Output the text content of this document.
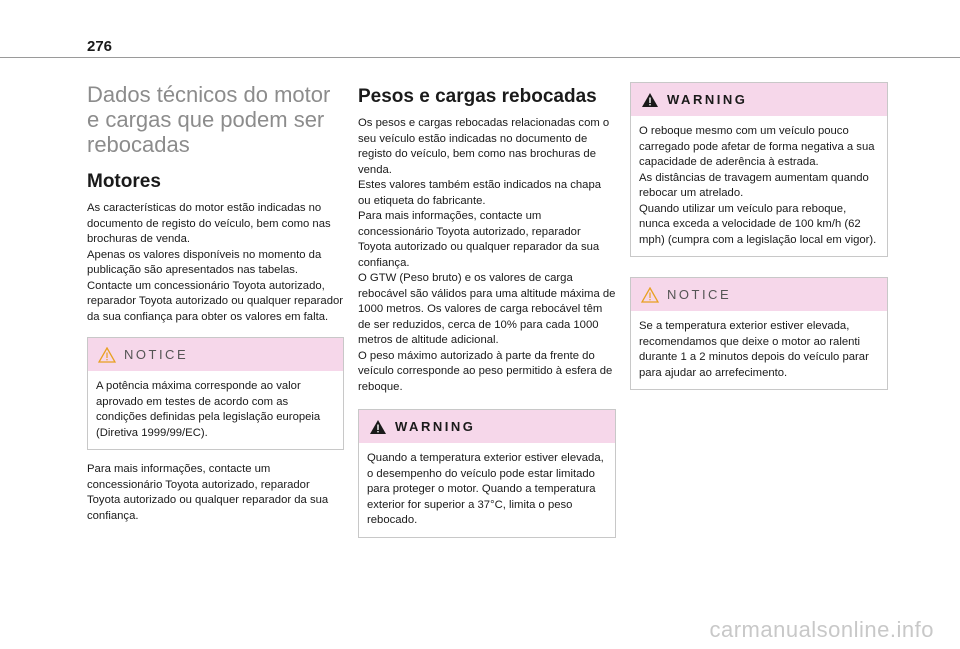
276
Dados técnicos do motor e cargas que podem ser rebocadas
Motores

As características do motor estão indicadas no documento de registo do veículo, bem como nas brochuras de venda.
Apenas os valores disponíveis no momento da publicação são apresentados nas tabelas.
Contacte um concessionário Toyota autorizado, reparador Toyota autorizado ou qualquer reparador da sua confiança para obter os valores em falta.

NOTICE

A potência máxima corresponde ao valor aprovado em testes de acordo com as condições definidas pela legislação europeia (Diretiva 1999/99/EC).

Para mais informações, contacte um concessionário Toyota autorizado, reparador Toyota autorizado ou qualquer reparador da sua confiança.

Pesos e cargas rebocadas

Os pesos e cargas rebocadas relacionadas com o seu veículo estão indicadas no documento de registo do veículo, bem como nas brochuras de venda.
Estes valores também estão indicados na chapa ou etiqueta do fabricante.
Para mais informações, contacte um concessionário Toyota autorizado, reparador Toyota autorizado ou qualquer reparador da sua confiança.
O GTW (Peso bruto) e os valores de carga rebocável são válidos para uma altitude máxima de 1000 metros. Os valores de carga rebocável têm de ser reduzidos, cerca de 10% para cada 1000 metros de altitude adicional.
O peso máximo autorizado à parte da frente do veículo corresponde ao peso permitido à esfera de reboque.

WARNING

Quando a temperatura exterior estiver elevada, o desempenho do veículo pode estar limitado para proteger o motor. Quando a temperatura exterior for superior a 37°C, limita o peso rebocado.

WARNING

O reboque mesmo com um veículo pouco carregado pode afetar de forma negativa a sua capacidade de aderência à estrada.
As distâncias de travagem aumentam quando rebocar um atrelado.
Quando utilizar um veículo para reboque, nunca exceda a velocidade de 100 km/h (62 mph) (cumpra com a legislação local em vigor).

NOTICE

Se a temperatura exterior estiver elevada, recomendamos que deixe o motor ao ralenti durante 1 a 2 minutos depois do veículo parar para ajudar ao arrefecimento.

carmanualsonline.info
